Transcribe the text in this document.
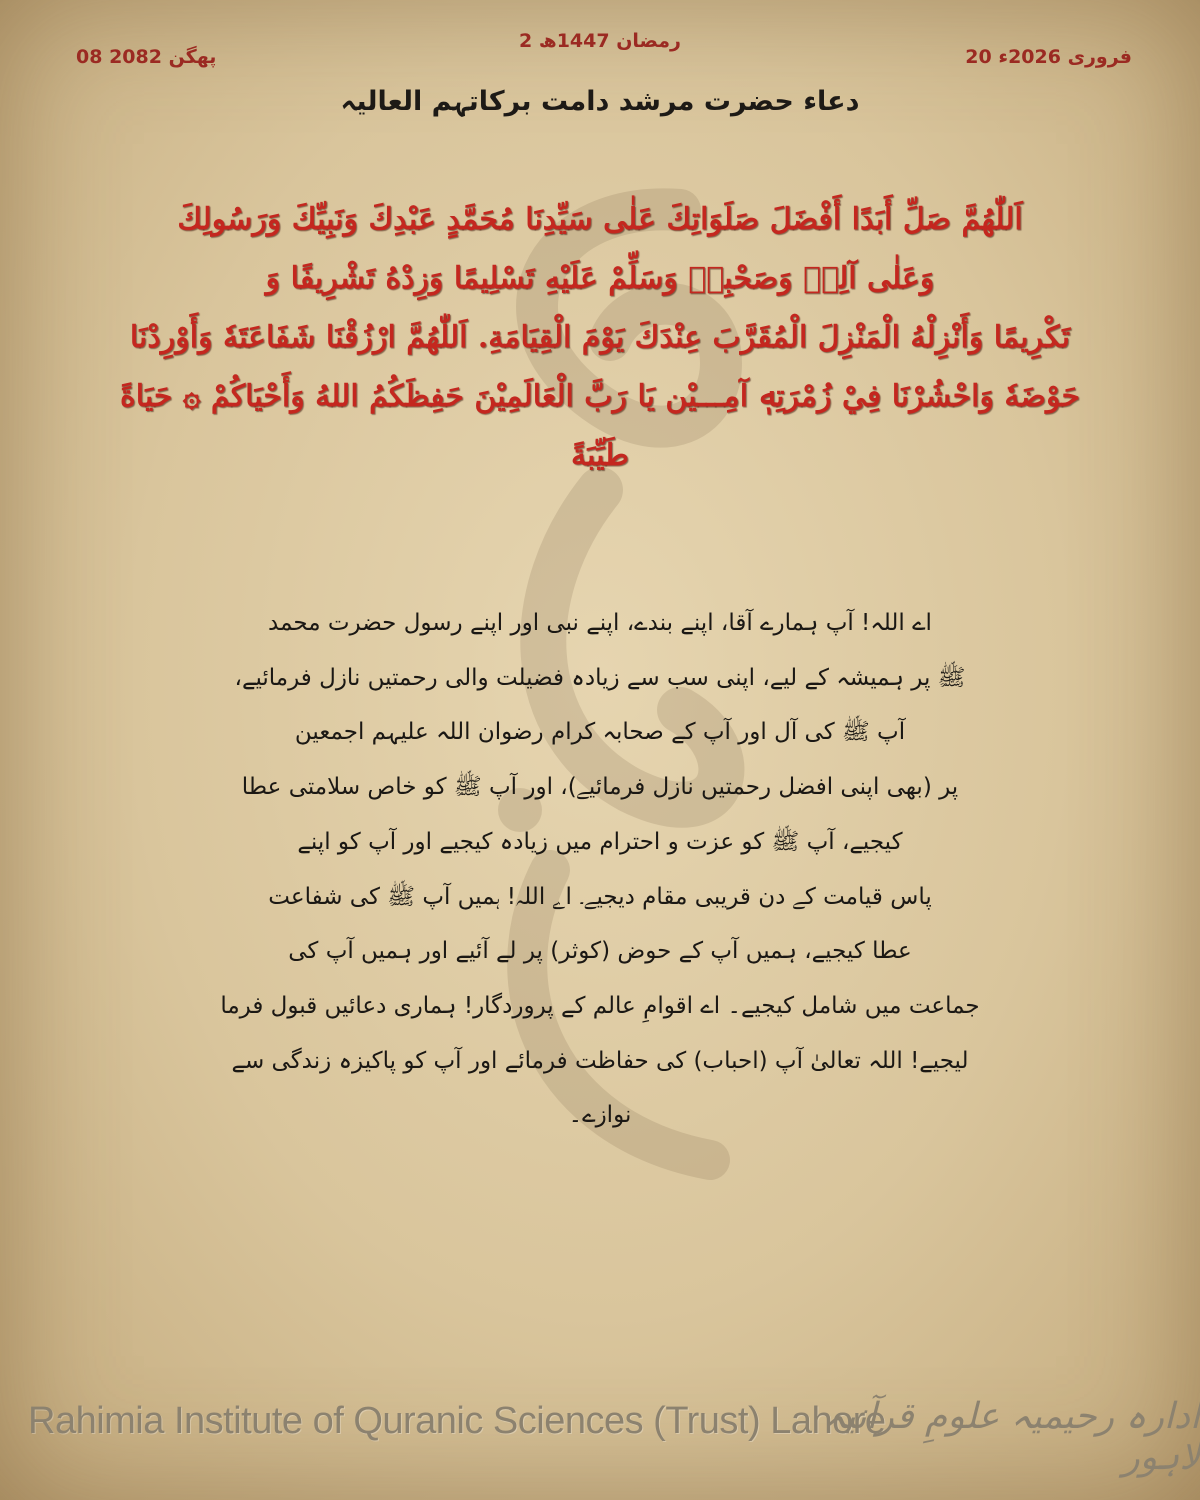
2 رمضان 1447ھ
20 فروری 2026ء
08 پھگن 2082
دعاء حضرت مرشد دامت برکاتہم العالیہ
اَللّٰهُمَّ صَلِّ أَبَدًا أَفْضَلَ صَلَوَاتِكَ عَلٰى سَيِّدِنَا مُحَمَّدٍ عَبْدِكَ وَنَبِيِّكَ وَرَسُولِكَ
وَعَلٰى آلِهٖ وَصَحْبِهٖ وَسَلِّمْ عَلَيْهِ تَسْلِيمًا وَزِدْهُ تَشْرِيفًا وَ
تَكْرِيمًا وَأَنْزِلْهُ الْمَنْزِلَ الْمُقَرَّبَ عِنْدَكَ يَوْمَ الْقِيَامَةِ. اَللّٰهُمَّ ارْزُقْنَا شَفَاعَتَهٗ وَأَوْرِدْنَا
حَوْضَهٗ وَاحْشُرْنَا فِيْ زُمْرَتِهٖ آمِـــيْن يَا رَبَّ الْعَالَمِيْنَ حَفِظَكُمُ اللهُ وَأَحْيَاكُمْ ۞ حَيَاةً
طَيِّبَةً
اے اللہ! آپ ہمارے آقا، اپنے بندے، اپنے نبی اور اپنے رسول حضرت محمد
ﷺ پر ہمیشہ کے لیے، اپنی سب سے زیادہ فضیلت والی رحمتیں نازل فرمائیے،
آپ ﷺ کی آل اور آپ کے صحابہ کرام رضوان اللہ علیہم اجمعین
پر (بھی اپنی افضل رحمتیں نازل فرمائیے)، اور آپ ﷺ کو خاص سلامتی عطا
کیجیے، آپ ﷺ کو عزت و احترام میں زیادہ کیجیے اور آپ کو اپنے
پاس قیامت کے دن قریبی مقام دیجیے۔ اے اللہ! ہمیں آپ ﷺ کی شفاعت
عطا کیجیے، ہمیں آپ کے حوض (کوثر) پر لے آئیے اور ہمیں آپ کی
جماعت میں شامل کیجیے۔ اے اقوامِ عالم کے پروردگار! ہماری دعائیں قبول فرما
لیجیے! اللہ تعالیٰ آپ (احباب) کی حفاظت فرمائے اور آپ کو پاکیزہ زندگی سے
نوازے۔
Rahimia Institute of Quranic Sciences (Trust) Lahore
ادارہ رحیمیہ علومِ قرآنیہ لاہور
